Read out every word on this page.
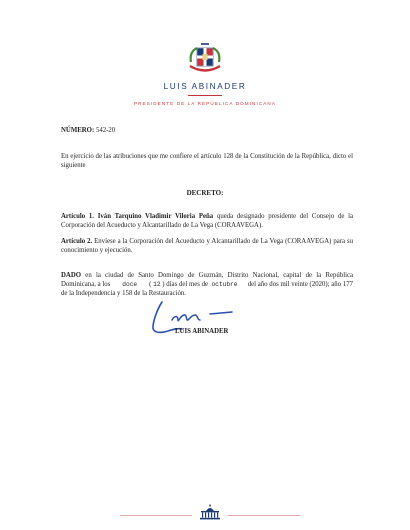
LUIS ABINADER
PRESIDENTE DE LA REPÚBLICA DOMINICANA
NÚMERO: 542-20
En ejercicio de las atribuciones que me confiere el artículo 128 de la Constitución de la República, dicto el siguiente
DECRETO:
Artículo 1. Iván Tarquino Vladimir Viloria Peña queda designado presidente del Consejo de la Corporación del Acueducto y Alcantarillado de La Vega (CORAAVEGA).
Artículo 2. Envíese a la Corporación del Acueducto y Alcantarillado de La Vega (CORAAVEGA) para su conocimiento y ejecución.
DADO en la ciudad de Santo Domingo de Guzmán, Distrito Nacional, capital de la República Dominicana, a los doce ( 12 ) días del mes de octubre del año dos mil veinte (2020); año 177 de la Independencia y 158 de la Restauración.
LUIS ABINADER
